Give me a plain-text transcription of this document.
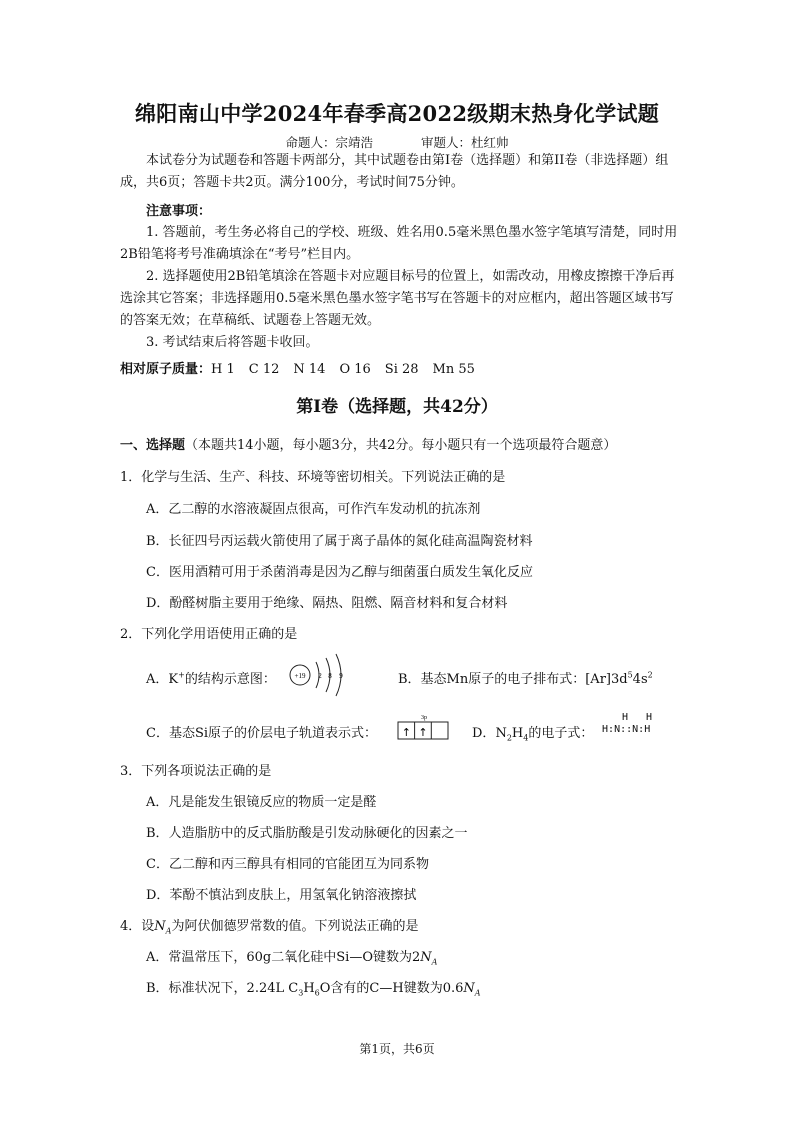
绵阳南山中学2024年春季高2022级期末热身化学试题
命题人：宗靖浩	审题人：杜红帅

本试卷分为试题卷和答题卡两部分，其中试题卷由第I卷（选择题）和第II卷（非选择题）组成，共6页；答题卡共2页。满分100分，考试时间75分钟。

注意事项：

1. 答题前，考生务必将自己的学校、班级、姓名用0.5毫米黑色墨水签字笔填写清楚，同时用2B铅笔将考号准确填涂在“考号”栏目内。

2. 选择题使用2B铅笔填涂在答题卡对应题目标号的位置上，如需改动，用橡皮擦擦干净后再选涂其它答案；非选择题用0.5毫米黑色墨水签字笔书写在答题卡的对应框内，超出答题区域书写的答案无效；在草稿纸、试题卷上答题无效。

3. 考试结束后将答题卡收回。

相对原子质量：H 1 C 12 N 14 O 16 Si 28 Mn 55
第I卷（选择题，共42分）
一、选择题（本题共14小题，每小题3分，共42分。每小题只有一个选项最符合题意）
1．化学与生活、生产、科技、环境等密切相关。下列说法正确的是
A．乙二醇的水溶液凝固点很高，可作汽车发动机的抗冻剂
B．长征四号丙运载火箭使用了属于离子晶体的氮化硅高温陶瓷材料
C．医用酒精可用于杀菌消毒是因为乙醇与细菌蛋白质发生氧化反应
D．酚醛树脂主要用于绝缘、隔热、阻燃、隔音材料和复合材料
2．下列化学用语使用正确的是
A．K+的结构示意图：	+19 2 8 9	B．基态Mn原子的电子排布式：$[Ar]3d^54s^2$
C．基态Si原子的价层电子轨道表示式：
3p
↑ ↑	D．$N_2H_4$的电子式：
H H
H:N::N:H
3．下列各项说法正确的是
A．凡是能发生银镜反应的物质一定是醛
B．人造脂肪中的反式脂肪酸是引发动脉硬化的因素之一
C．乙二醇和丙三醇具有相同的官能团互为同系物
D．苯酚不慎沾到皮肤上，用氢氧化钠溶液擦拭
4．设$N_A$为阿伏伽德罗常数的值。下列说法正确的是
A．常温常压下，60g二氧化硅中Si—O键数为$2N_A$
B．标准状况下，2.24L $C_3H_6O$含有的C—H键数为$0.6N_A$
第1页，共6页
